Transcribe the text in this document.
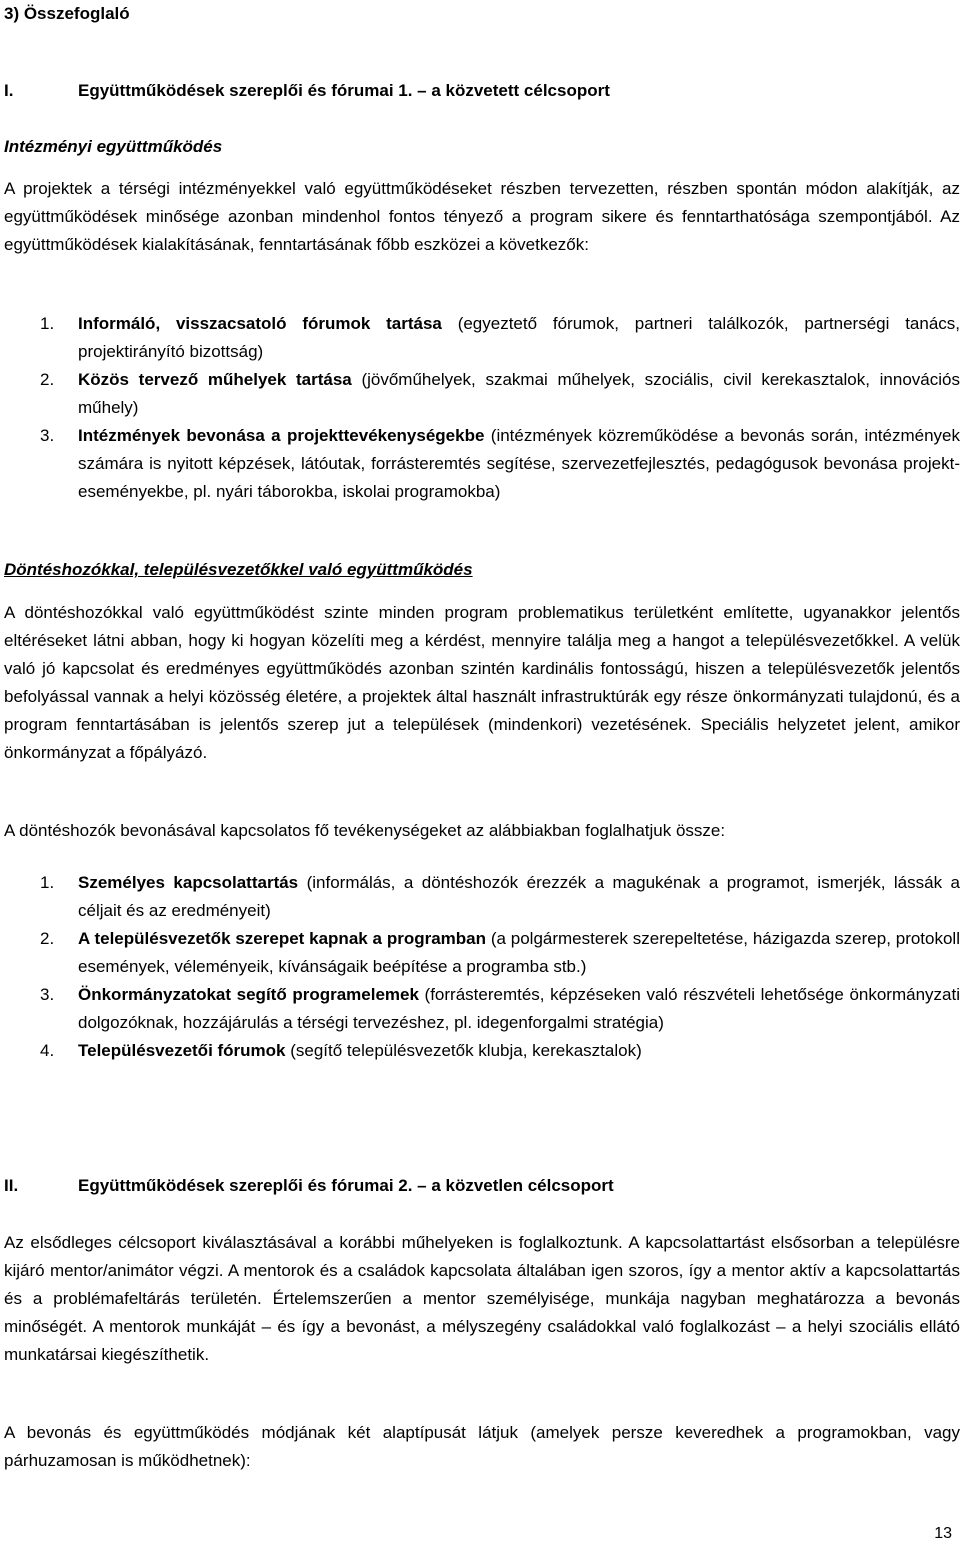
3) Összefoglaló

I.	Együttműködések szereplői és fórumai 1. – a közvetett célcsoport

Intézményi együttműködés

A projektek a térségi intézményekkel való együttműködéseket részben tervezetten, részben spontán módon alakítják, az együttműködések minősége azonban mindenhol fontos tényező a program sikere és fenntarthatósága szempontjából. Az együttműködések kialakításának, fenntartásának főbb eszközei a következők:

1.	Informáló, visszacsatoló fórumok tartása (egyeztető fórumok, partneri találkozók, partnerségi tanács, projektirányító bizottság)
2.	Közös tervező műhelyek tartása (jövőműhelyek, szakmai műhelyek, szociális, civil kerekasztalok, innovációs műhely)
3.	Intézmények bevonása a projekttevékenységekbe (intézmények közreműködése a bevonás során, intézmények számára is nyitott képzések, látóutak, forrásteremtés segítése, szervezetfejlesztés, pedagógusok bevonása projekt-eseményekbe, pl. nyári táborokba, iskolai programokba)

Döntéshozókkal, településvezetőkkel való együttműködés

A döntéshozókkal való együttműködést szinte minden program problematikus területként említette, ugyanakkor jelentős eltéréseket látni abban, hogy ki hogyan közelíti meg a kérdést, mennyire találja meg a hangot a településvezetőkkel. A velük való jó kapcsolat és eredményes együttműködés azonban szintén kardinális fontosságú, hiszen a településvezetők jelentős befolyással vannak a helyi közösség életére, a projektek által használt infrastruktúrák egy része önkormányzati tulajdonú, és a program fenntartásában is jelentős szerep jut a települések (mindenkori) vezetésének. Speciális helyzetet jelent, amikor önkormányzat a főpályázó.

A döntéshozók bevonásával kapcsolatos fő tevékenységeket az alábbiakban foglalhatjuk össze:

1.	Személyes kapcsolattartás (informálás, a döntéshozók érezzék a magukénak a programot, ismerjék, lássák a céljait és az eredményeit)
2.	A településvezetők szerepet kapnak a programban (a polgármesterek szerepeltetése, házigazda szerep, protokoll események, véleményeik, kívánságaik beépítése a programba stb.)
3.	Önkormányzatokat segítő programelemek (forrásteremtés, képzéseken való részvételi lehetősége önkormányzati dolgozóknak, hozzájárulás a térségi tervezéshez, pl. idegenforgalmi stratégia)
4.	Településvezetői fórumok (segítő településvezetők klubja, kerekasztalok)
II.	Együttműködések szereplői és fórumai 2. – a közvetlen célcsoport

Az elsődleges célcsoport kiválasztásával a korábbi műhelyeken is foglalkoztunk. A kapcsolattartást elsősorban a településre kijáró mentor/animátor végzi. A mentorok és a családok kapcsolata általában igen szoros, így a mentor aktív a kapcsolattartás és a problémafeltárás területén. Értelemszerűen a mentor személyisége, munkája nagyban meghatározza a bevonás minőségét. A mentorok munkáját – és így a bevonást, a mélyszegény családokkal való foglalkozást – a helyi szociális ellátó munkatársai kiegészíthetik.

A bevonás és együttműködés módjának két alaptípusát látjuk (amelyek persze keveredhek a programokban, vagy párhuzamosan is működhetnek):

13
